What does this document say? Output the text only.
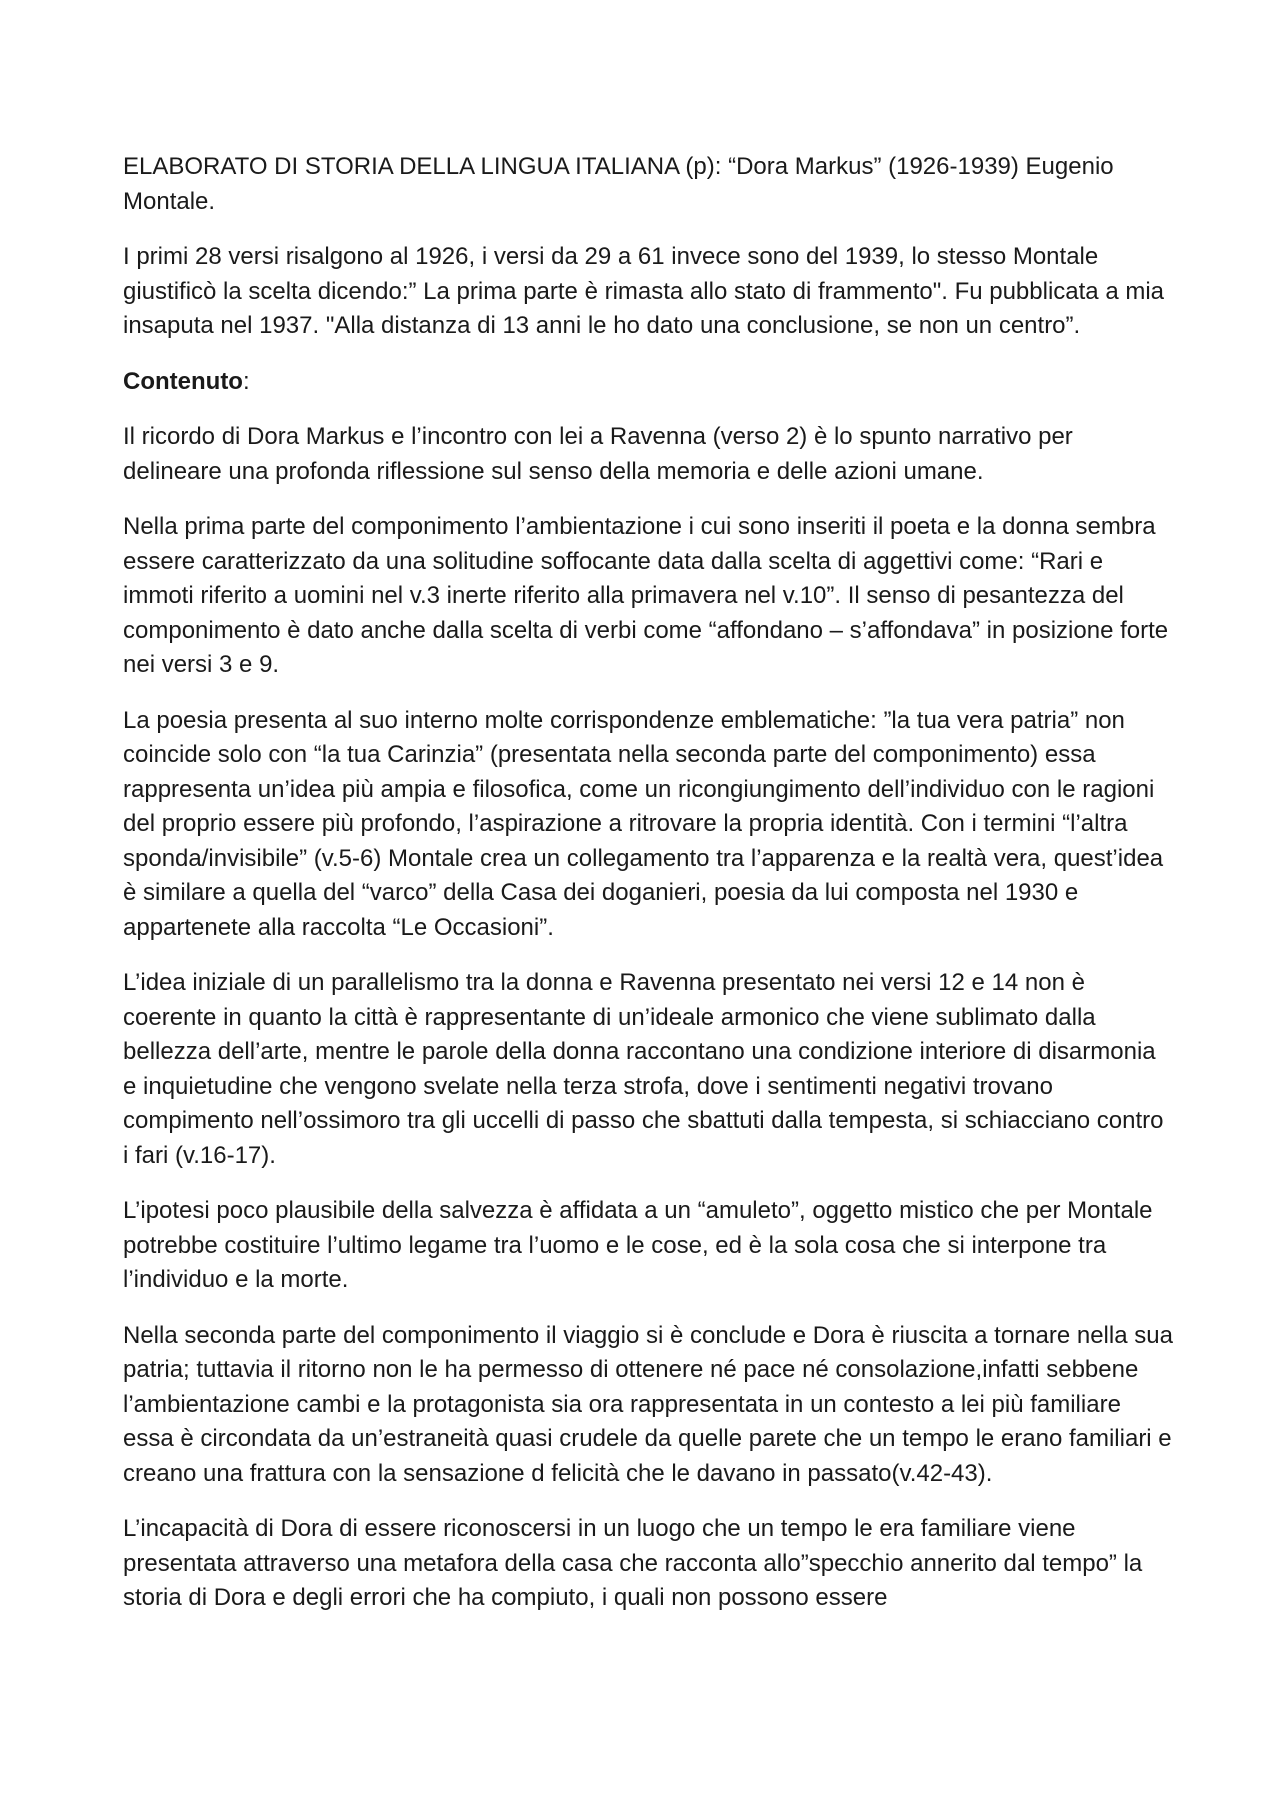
ELABORATO DI STORIA DELLA LINGUA ITALIANA (p): “Dora Markus” (1926-1939) Eugenio Montale.

I primi 28 versi risalgono al 1926, i versi da 29 a 61 invece sono del 1939, lo stesso Montale giustificò la scelta dicendo:” La prima parte è rimasta allo stato di frammento". Fu pubblicata a mia insaputa nel 1937. "Alla distanza di 13 anni le ho dato una conclusione, se non un centro”.

Contenuto:

Il ricordo di Dora Markus e l’incontro con lei a Ravenna (verso 2) è lo spunto narrativo per delineare una profonda riflessione sul senso della memoria e delle azioni umane.

Nella prima parte del componimento l’ambientazione i cui sono inseriti il poeta e la donna sembra essere caratterizzato da una solitudine soffocante data dalla scelta di aggettivi come: “Rari e immoti riferito a uomini nel v.3 inerte riferito alla primavera nel v.10”. Il senso di pesantezza del componimento è dato anche dalla scelta di verbi come “affondano – s’affondava” in posizione forte nei versi 3 e 9.

La poesia presenta al suo interno molte corrispondenze emblematiche: ”la tua vera patria” non coincide solo con “la tua Carinzia” (presentata nella seconda parte del componimento) essa rappresenta un’idea più ampia e filosofica, come un ricongiungimento dell’individuo con le ragioni del proprio essere più profondo, l’aspirazione a ritrovare la propria identità. Con i termini “l’altra sponda/invisibile” (v.5-6) Montale crea un collegamento tra l’apparenza e la realtà vera, quest’idea è similare a quella del “varco” della Casa dei doganieri, poesia da lui composta nel 1930 e appartenete alla raccolta “Le Occasioni”.

L’idea iniziale di un parallelismo tra la donna e Ravenna presentato nei versi 12 e 14 non è coerente in quanto la città è rappresentante di un’ideale armonico che viene sublimato dalla bellezza dell’arte, mentre le parole della donna raccontano una condizione interiore di disarmonia e inquietudine che vengono svelate nella terza strofa, dove i sentimenti negativi trovano compimento nell’ossimoro tra gli uccelli di passo che sbattuti dalla tempesta, si schiacciano contro i fari (v.16-17).

L’ipotesi poco plausibile della salvezza è affidata a un “amuleto”, oggetto mistico che per Montale potrebbe costituire l’ultimo legame tra l’uomo e le cose, ed è la sola cosa che si interpone tra l’individuo e la morte.

Nella seconda parte del componimento il viaggio si è conclude e Dora è riuscita a tornare nella sua patria; tuttavia il ritorno non le ha permesso di ottenere né pace né consolazione,infatti sebbene l’ambientazione cambi e la protagonista sia ora rappresentata in un contesto a lei più familiare essa è circondata da un’estraneità quasi crudele da quelle parete che un tempo le erano familiari e creano una frattura con la sensazione d felicità che le davano in passato(v.42-43).

L’incapacità di Dora di essere riconoscersi in un luogo che un tempo le era familiare viene presentata attraverso una metafora della casa che racconta allo”specchio annerito dal tempo” la storia di Dora e degli errori che ha compiuto, i quali non possono essere
